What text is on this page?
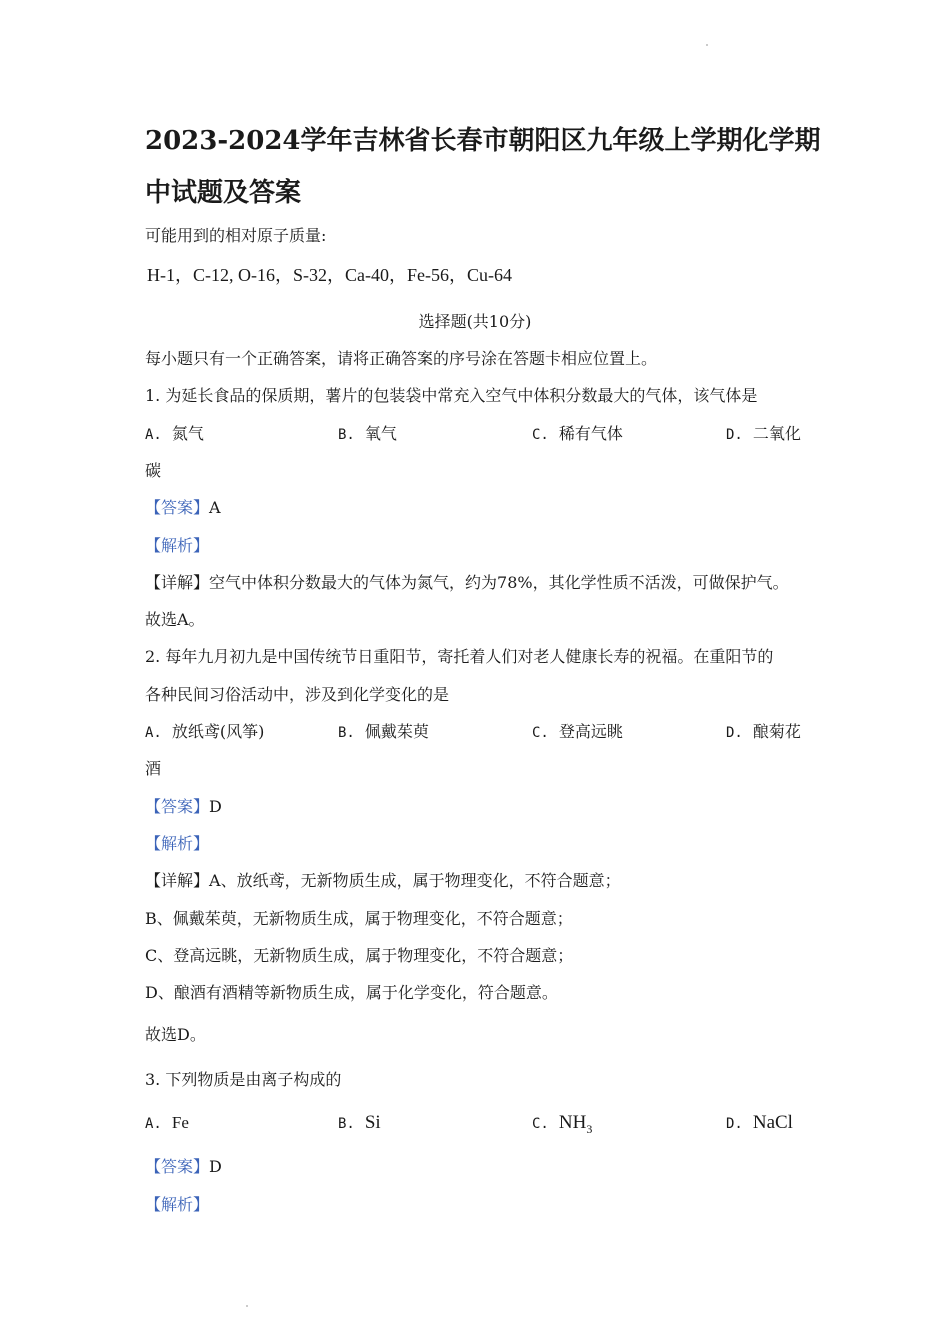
2023-2024学年吉林省长春市朝阳区九年级上学期化学期中试题及答案
可能用到的相对原子质量:
H-1，C-12, O-16，S-32，Ca-40，Fe-56，Cu-64
选择题(共10分)
每小题只有一个正确答案，请将正确答案的序号涂在答题卡相应位置上。
1. 为延长食品的保质期，薯片的包装袋中常充入空气中体积分数最大的气体，该气体是
A. 氮气	B. 氧气	C. 稀有气体	D. 二氧化
碳
【答案】A
【解析】
【详解】空气中体积分数最大的气体为氮气，约为78%，其化学性质不活泼，可做保护气。
故选A。
2. 每年九月初九是中国传统节日重阳节，寄托着人们对老人健康长寿的祝福。在重阳节的
各种民间习俗活动中，涉及到化学变化的是
A. 放纸鸢(风筝)	B. 佩戴茱萸	C. 登高远眺	D. 酿菊花
酒
【答案】D
【解析】
【详解】A、放纸鸢，无新物质生成，属于物理变化，不符合题意；
B、佩戴茱萸，无新物质生成，属于物理变化，不符合题意；
C、登高远眺，无新物质生成，属于物理变化，不符合题意；
D、酿酒有酒精等新物质生成，属于化学变化，符合题意。
故选D。
3. 下列物质是由离子构成的
A. Fe	B. Si	C. $NH_3$	D. NaCl
【答案】D
【解析】
